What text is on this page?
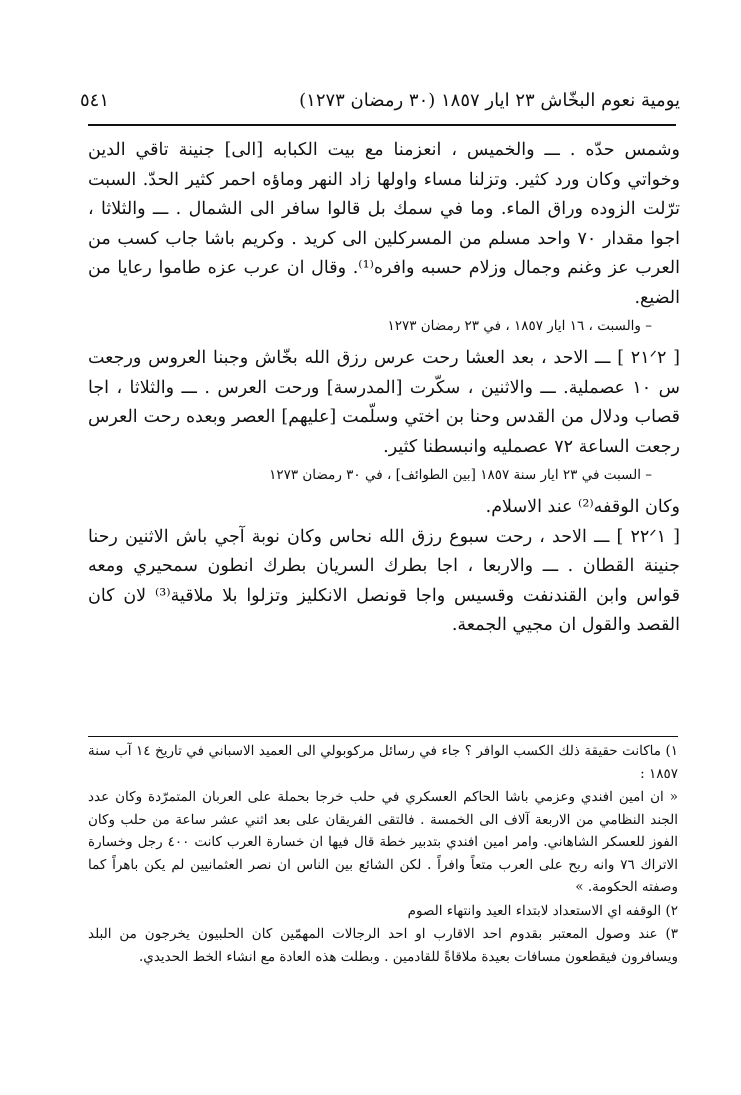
يومية نعوم البخّاش ٢٣ ايار ١٨٥٧ (٣٠ رمضان ١٢٧٣)
٥٤١

وشمس حدّه . ـــ والخميس ، انعزمنا مع بيت الكبابه [الى] جنينة تاقي الدين وخواتي وكان ورد كثير. وتزلنا مساء واولها زاد النهر وماؤه احمر كثير الحدّ. السبت ترّلت الزوده وراق الماء. وما في سمك بل قالوا سافر الى الشمال . ـــ والثلاثا ، اجوا مقدار ٧٠ واحد مسلم من المسركلين الى كريد . وكريم باشا جاب كسب من العرب عز وغنم وجمال وزلام حسبه وافره⁽¹⁾. وقال ان عرب عزه طاموا رعايا من الضيع.

– والسبت ، ١٦ ايار ١٨٥٧ ، في ٢٣ رمضان ١٢٧٣

[ ٢١ᐟ٢ ] ـــ الاحد ، بعد العشا رحت عرس رزق الله بخّاش وجبنا العروس ورجعت س ١٠ عصملية. ـــ والاثنين ، سكّرت [المدرسة] ورحت العرس . ـــ والثلاثا ، اجا قصاب ودلال من القدس وحنا بن اختي وسلّمت [عليهم] العصر وبعده رحت العرس رجعت الساعة ٧٢ عصمليه وانبسطنا كثير.

– السبت في ٢٣ ايار سنة ١٨٥٧ [بين الطوائف] ، في ٣٠ رمضان ١٢٧٣

وكان الوقفه⁽²⁾ عند الاسلام.

[ ٢٢ᐟ١ ] ـــ الاحد ، رحت سبوع رزق الله نحاس وكان نوبة آجي باش الاثنين رحنا جنينة القطان . ـــ والاربعا ، اجا بطرك السريان بطرك انطون سمحيري ومعه قواس وابن القندنفت وقسيس واجا قونصل الانكليز وتزلوا بلا ملاقية⁽³⁾ لان كان القصد والقول ان مجيي الجمعة.

١) ماكانت حقيقة ذلك الكسب الوافر ؟ جاء في رسائل مركوبولي الى العميد الاسباني في تاريخ ١٤ آب سنة ١٨٥٧ :

« ان امين افندي وعزمي باشا الحاكم العسكري في حلب خرجا بحملة على العربان المتمرّدة وكان عدد الجند النظامي من الاربعة آلاف الى الخمسة . فالتقى الفريقان على بعد اثني عشر ساعة من حلب وكان الفوز للعسكر الشاهاني. وامر امين افندي بتدبير خطة قال فيها ان خسارة العرب كانت ٤٠٠ رجل وخسارة الاتراك ٧٦ وانه ربح على العرب متعاً وافراً . لكن الشائع بين الناس ان نصر العثمانيين لم يكن باهراً كما وصفته الحكومة. »

٢) الوقفه اي الاستعداد لابتداء العيد وانتهاء الصوم

٣) عند وصول المعتبر بقدوم احد الاقارب او احد الرجالات المهمّين كان الحلبيون يخرجون من البلد ويسافرون فيقطعون مسافات بعيدة ملاقاةً للقادمين . وبطلت هذه العادة مع انشاء الخط الحديدي.
